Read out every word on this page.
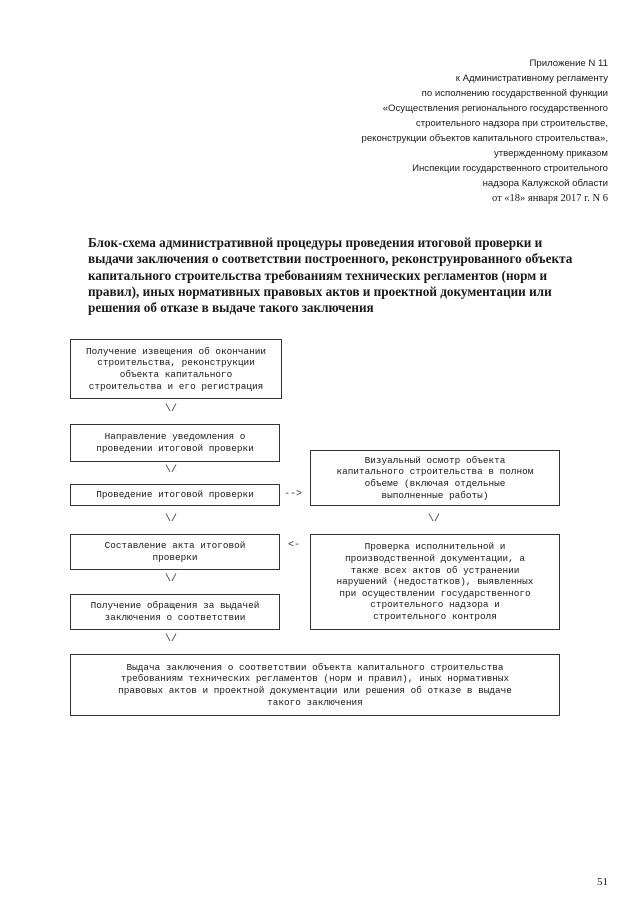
Приложение N 11
к Административному регламенту
по исполнению государственной функции
«Осуществления регионального государственного
строительного надзора при строительстве,
реконструкции объектов капитального строительства»,
утвержденному приказом
Инспекции государственного строительного
надзора Калужской области
от «18» января 2017 г. N 6
Блок-схема административной процедуры проведения итоговой проверки и
выдачи заключения о соответствии построенного, реконструированного объекта
капитального строительства требованиям технических регламентов (норм и
правил), иных нормативных правовых актов и проектной документации или
решения об отказе в выдаче такого заключения
Получение извещения об окончании
строительства, реконструкции
объекта капитального
строительства и его регистрация
\/
Направление уведомления о
проведении итоговой проверки
\/
Проведение итоговой проверки	-->
Визуальный осмотр объекта
капитального строительства в полном
объеме (включая отдельные
выполненные работы)
\/	\/
Составление акта итоговой
проверки
<-	Проверка исполнительной и
производственной документации, а
также всех актов об устранении
нарушений (недостатков), выявленных
при осуществлении государственного
строительного надзора и
строительного контроля
\/
Получение обращения за выдачей
заключения о соответствии
\/
Выдача заключения о соответствии объекта капитального строительства
требованиям технических регламентов (норм и правил), иных нормативных
правовых актов и проектной документации или решения об отказе в выдаче
такого заключения
51
